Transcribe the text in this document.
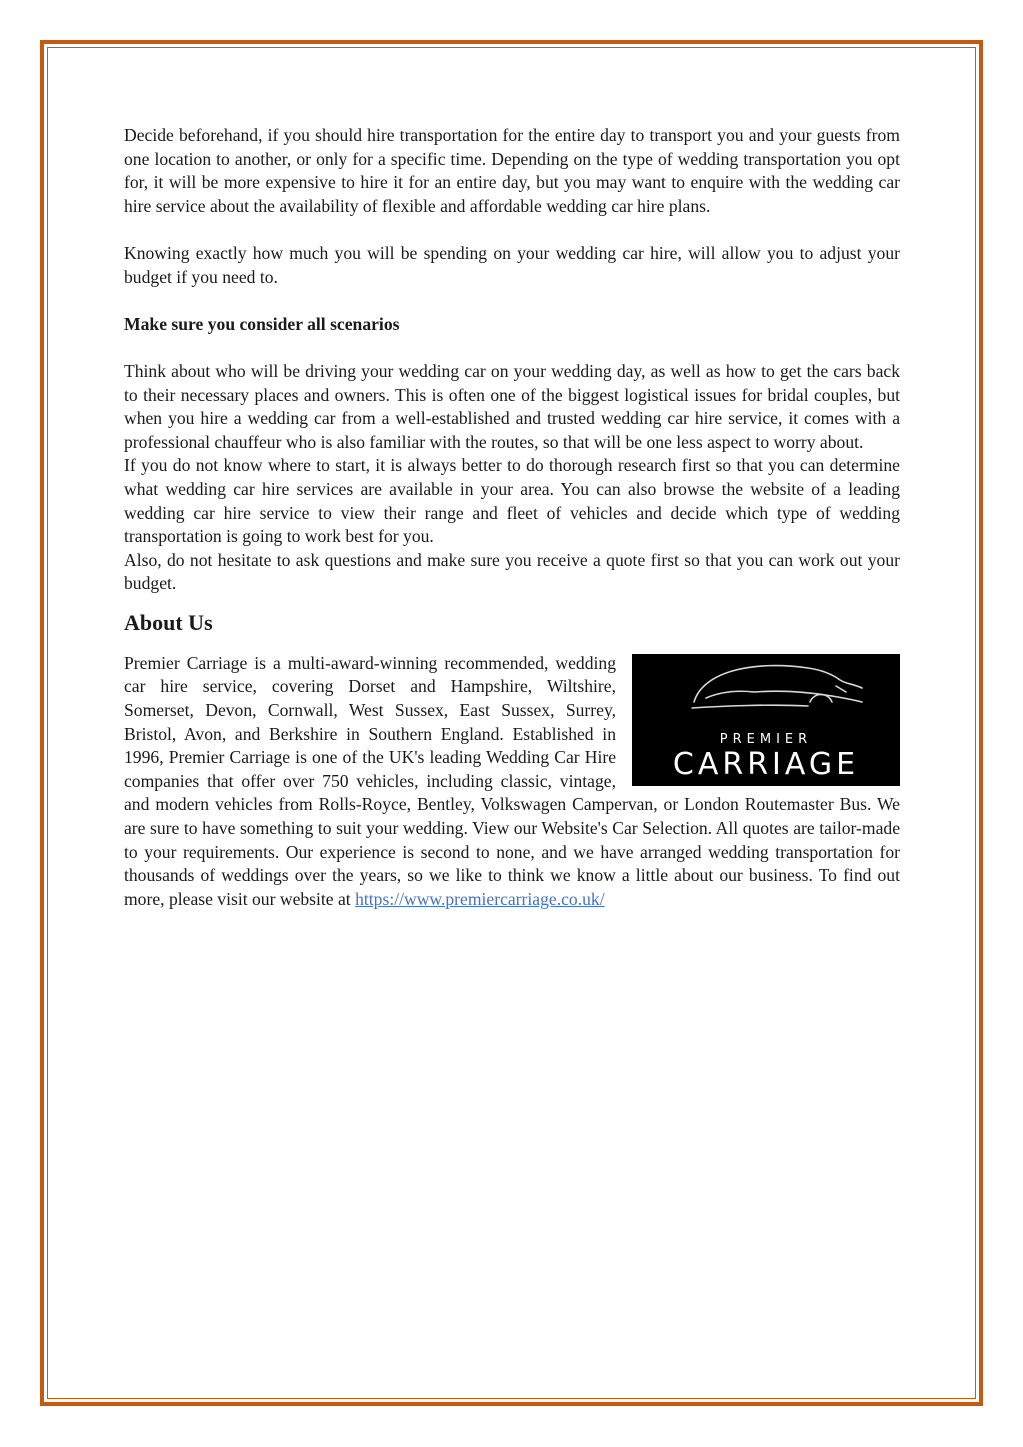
Decide beforehand, if you should hire transportation for the entire day to transport you and your guests from one location to another, or only for a specific time. Depending on the type of wedding transportation you opt for, it will be more expensive to hire it for an entire day, but you may want to enquire with the wedding car hire service about the availability of flexible and affordable wedding car hire plans.

Knowing exactly how much you will be spending on your wedding car hire, will allow you to adjust your budget if you need to.

Make sure you consider all scenarios

Think about who will be driving your wedding car on your wedding day, as well as how to get the cars back to their necessary places and owners. This is often one of the biggest logistical issues for bridal couples, but when you hire a wedding car from a well-established and trusted wedding car hire service, it comes with a professional chauffeur who is also familiar with the routes, so that will be one less aspect to worry about.

If you do not know where to start, it is always better to do thorough research first so that you can determine what wedding car hire services are available in your area. You can also browse the website of a leading wedding car hire service to view their range and fleet of vehicles and decide which type of wedding transportation is going to work best for you.

Also, do not hesitate to ask questions and make sure you receive a quote first so that you can work out your budget.

About Us
PREMIER
CARRIAGE

Premier Carriage is a multi-award-winning recommended, wedding car hire service, covering Dorset and Hampshire, Wiltshire, Somerset, Devon, Cornwall, West Sussex, East Sussex, Surrey, Bristol, Avon, and Berkshire in Southern England. Established in 1996, Premier Carriage is one of the UK's leading Wedding Car Hire companies that offer over 750 vehicles, including classic, vintage, and modern vehicles from Rolls-Royce, Bentley, Volkswagen Campervan, or London Routemaster Bus. We are sure to have something to suit your wedding. View our Website's Car Selection. All quotes are tailor-made to your requirements. Our experience is second to none, and we have arranged wedding transportation for thousands of weddings over the years, so we like to think we know a little about our business. To find out more, please visit our website at https://www.premiercarriage.co.uk/
